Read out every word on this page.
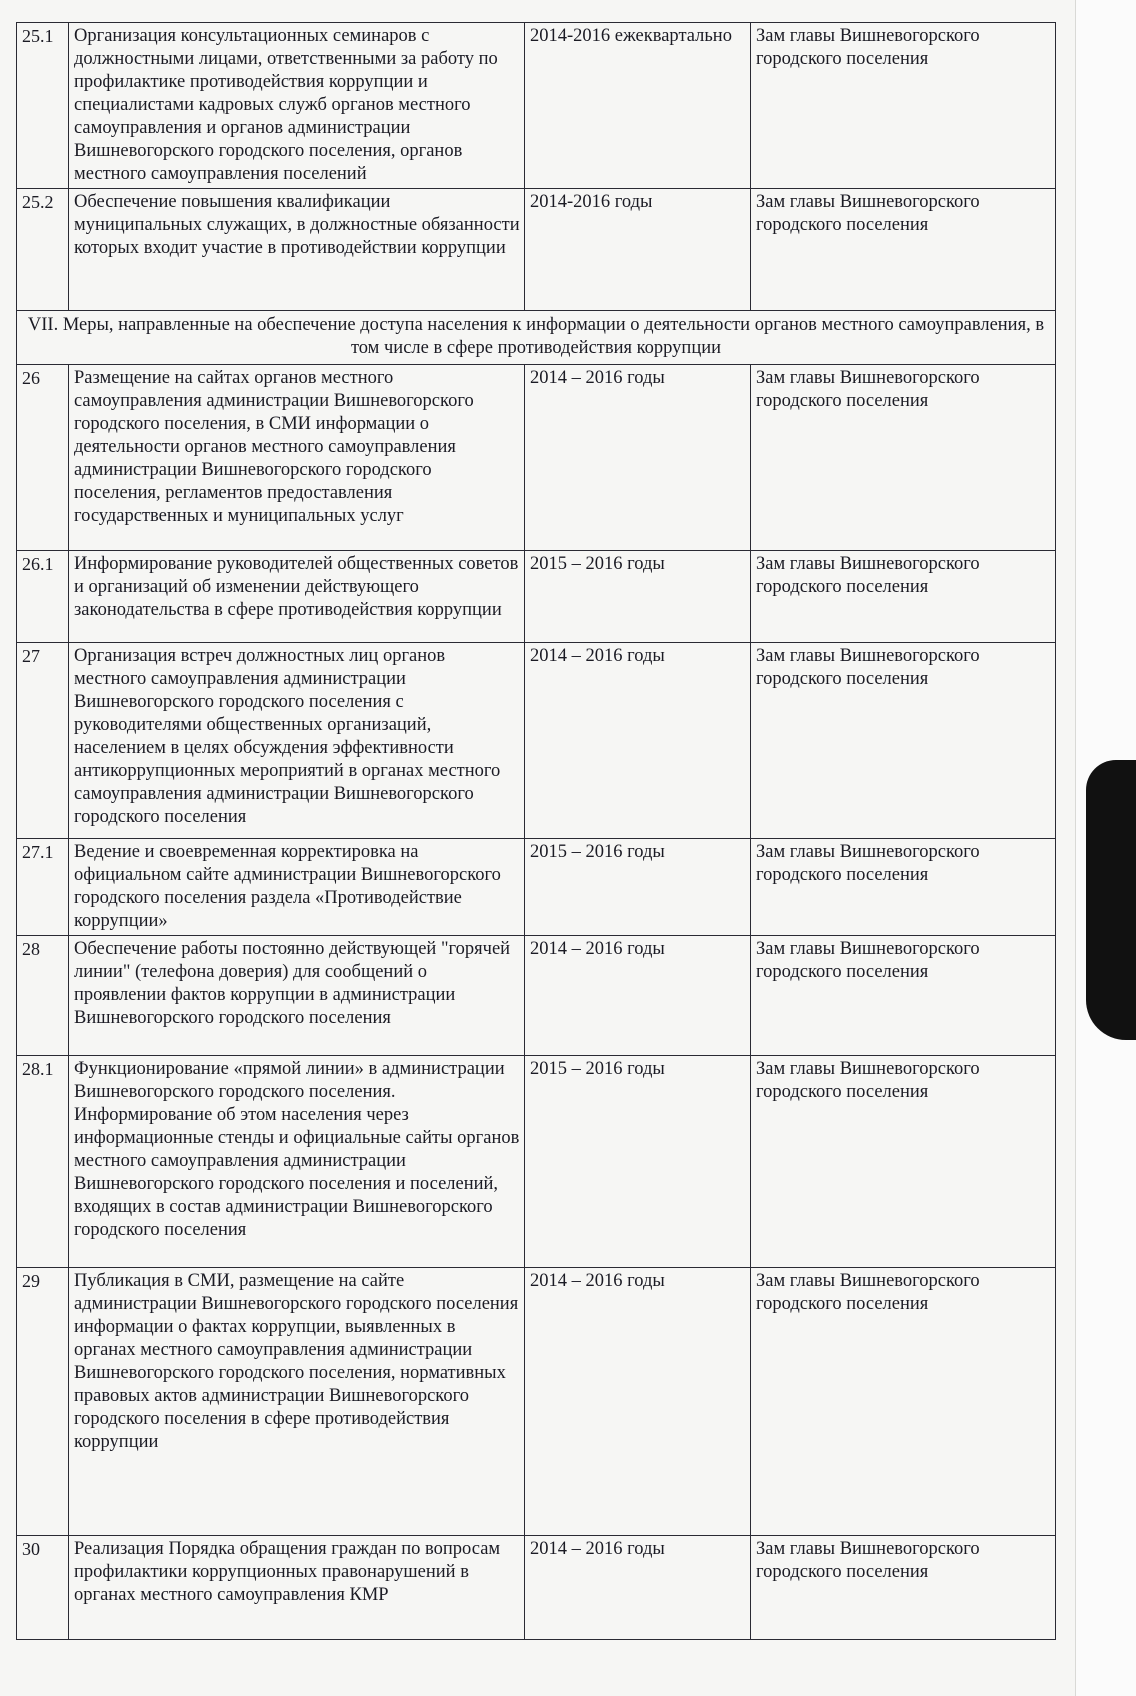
25.1	Организация консультационных семинаров с должностными лицами, ответственными за работу по профилактике противодействия коррупции и специалистами кадровых служб органов местного самоуправления и органов администрации Вишневогорского городского поселения, органов местного самоуправления поселений	2014-2016 ежеквартально	Зам главы Вишневогорского городского поселения
25.2	Обеспечение повышения квалификации муниципальных служащих, в должностные обязанности которых входит участие в противодействии коррупции	2014-2016 годы	Зам главы Вишневогорского городского поселения
VII. Меры, направленные на обеспечение доступа населения к информации о деятельности органов местного самоуправления, в том числе в сфере противодействия коррупции			
26	Размещение на сайтах органов местного самоуправления администрации Вишневогорского городского поселения, в СМИ информации о деятельности органов местного самоуправления администрации Вишневогорского городского поселения, регламентов предоставления государственных и муниципальных услуг	2014 – 2016 годы	Зам главы Вишневогорского городского поселения
26.1	Информирование руководителей общественных советов и организаций об изменении действующего законодательства в сфере противодействия коррупции	2015 – 2016 годы	Зам главы Вишневогорского городского поселения
27	Организация встреч должностных лиц органов местного самоуправления администрации Вишневогорского городского поселения с руководителями общественных организаций, населением в целях обсуждения эффективности антикоррупционных мероприятий в органах местного самоуправления администрации Вишневогорского городского поселения	2014 – 2016 годы	Зам главы Вишневогорского городского поселения
27.1	Ведение и своевременная корректировка на официальном сайте администрации Вишневогорского городского поселения раздела «Противодействие коррупции»	2015 – 2016 годы	Зам главы Вишневогорского городского поселения
28	Обеспечение работы постоянно действующей "горячей линии" (телефона доверия) для сообщений о проявлении фактов коррупции в администрации Вишневогорского городского поселения	2014 – 2016 годы	Зам главы Вишневогорского городского поселения
28.1	Функционирование «прямой линии» в администрации Вишневогорского городского поселения. Информирование об этом населения через информационные стенды и официальные сайты органов местного самоуправления администрации Вишневогорского городского поселения и поселений, входящих в состав администрации Вишневогорского городского поселения	2015 – 2016 годы	Зам главы Вишневогорского городского поселения
29	Публикация в СМИ, размещение на сайте администрации Вишневогорского городского поселения информации о фактах коррупции, выявленных в органах местного самоуправления администрации Вишневогорского городского поселения, нормативных правовых актов администрации Вишневогорского городского поселения в сфере противодействия коррупции	2014 – 2016 годы	Зам главы Вишневогорского городского поселения
30	Реализация Порядка обращения граждан по вопросам профилактики коррупционных правонарушений в органах местного самоуправления КМР	2014 – 2016 годы	Зам главы Вишневогорского городского поселения
